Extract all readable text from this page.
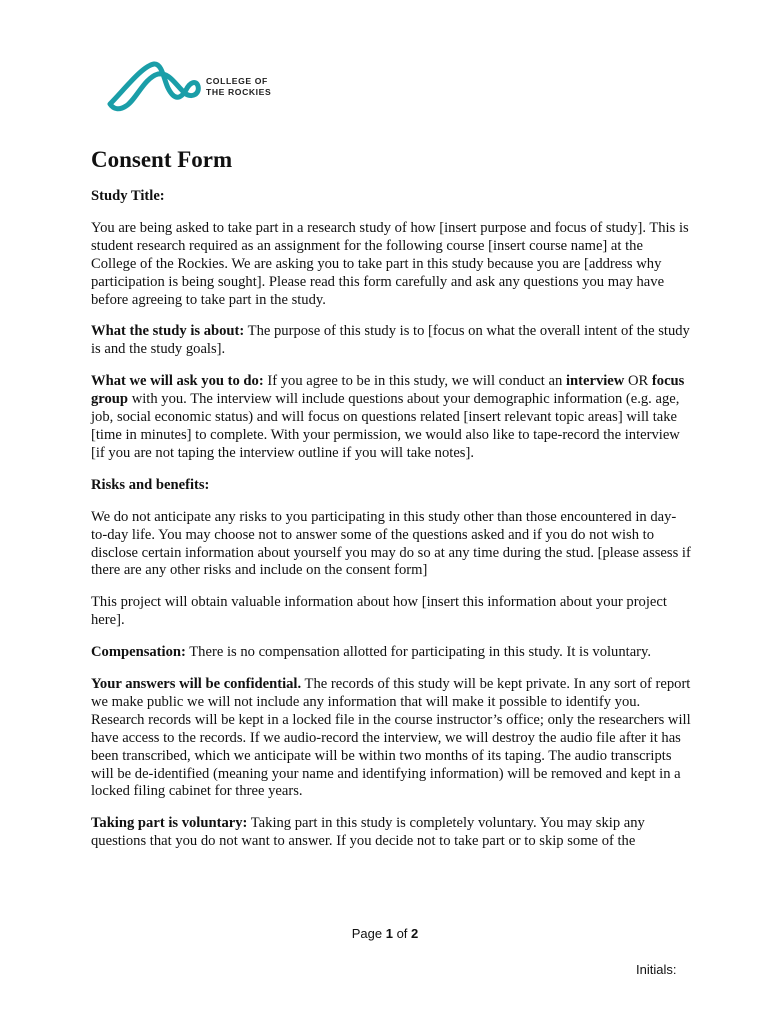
COLLEGE OF
THE ROCKIES
Consent Form

Study Title:

You are being asked to take part in a research study of how [insert purpose and focus of study]. This is student research required as an assignment for the following course [insert course name] at the College of the Rockies. We are asking you to take part in this study because you are [address why participation is being sought]. Please read this form carefully and ask any questions you may have before agreeing to take part in the study.

What the study is about: The purpose of this study is to [focus on what the overall intent of the study is and the study goals].

What we will ask you to do: If you agree to be in this study, we will conduct an interview OR focus group with you. The interview will include questions about your demographic information (e.g. age, job, social economic status) and will focus on questions related [insert relevant topic areas] will take [time in minutes] to complete. With your permission, we would also like to tape-record the interview [if you are not taping the interview outline if you will take notes].

Risks and benefits:

We do not anticipate any risks to you participating in this study other than those encountered in day-to-day life. You may choose not to answer some of the questions asked and if you do not wish to disclose certain information about yourself you may do so at any time during the stud. [please assess if there are any other risks and include on the consent form]

This project will obtain valuable information about how [insert this information about your project here].

Compensation: There is no compensation allotted for participating in this study. It is voluntary.

Your answers will be confidential. The records of this study will be kept private. In any sort of report we make public we will not include any information that will make it possible to identify you. Research records will be kept in a locked file in the course instructor’s office; only the researchers will have access to the records. If we audio-record the interview, we will destroy the audio file after it has been transcribed, which we anticipate will be within two months of its taping. The audio transcripts will be de-identified (meaning your name and identifying information) will be removed and kept in a locked filing cabinet for three years.

Taking part is voluntary: Taking part in this study is completely voluntary. You may skip any questions that you do not want to answer. If you decide not to take part or to skip some of the

Page 1 of 2
Initials:
